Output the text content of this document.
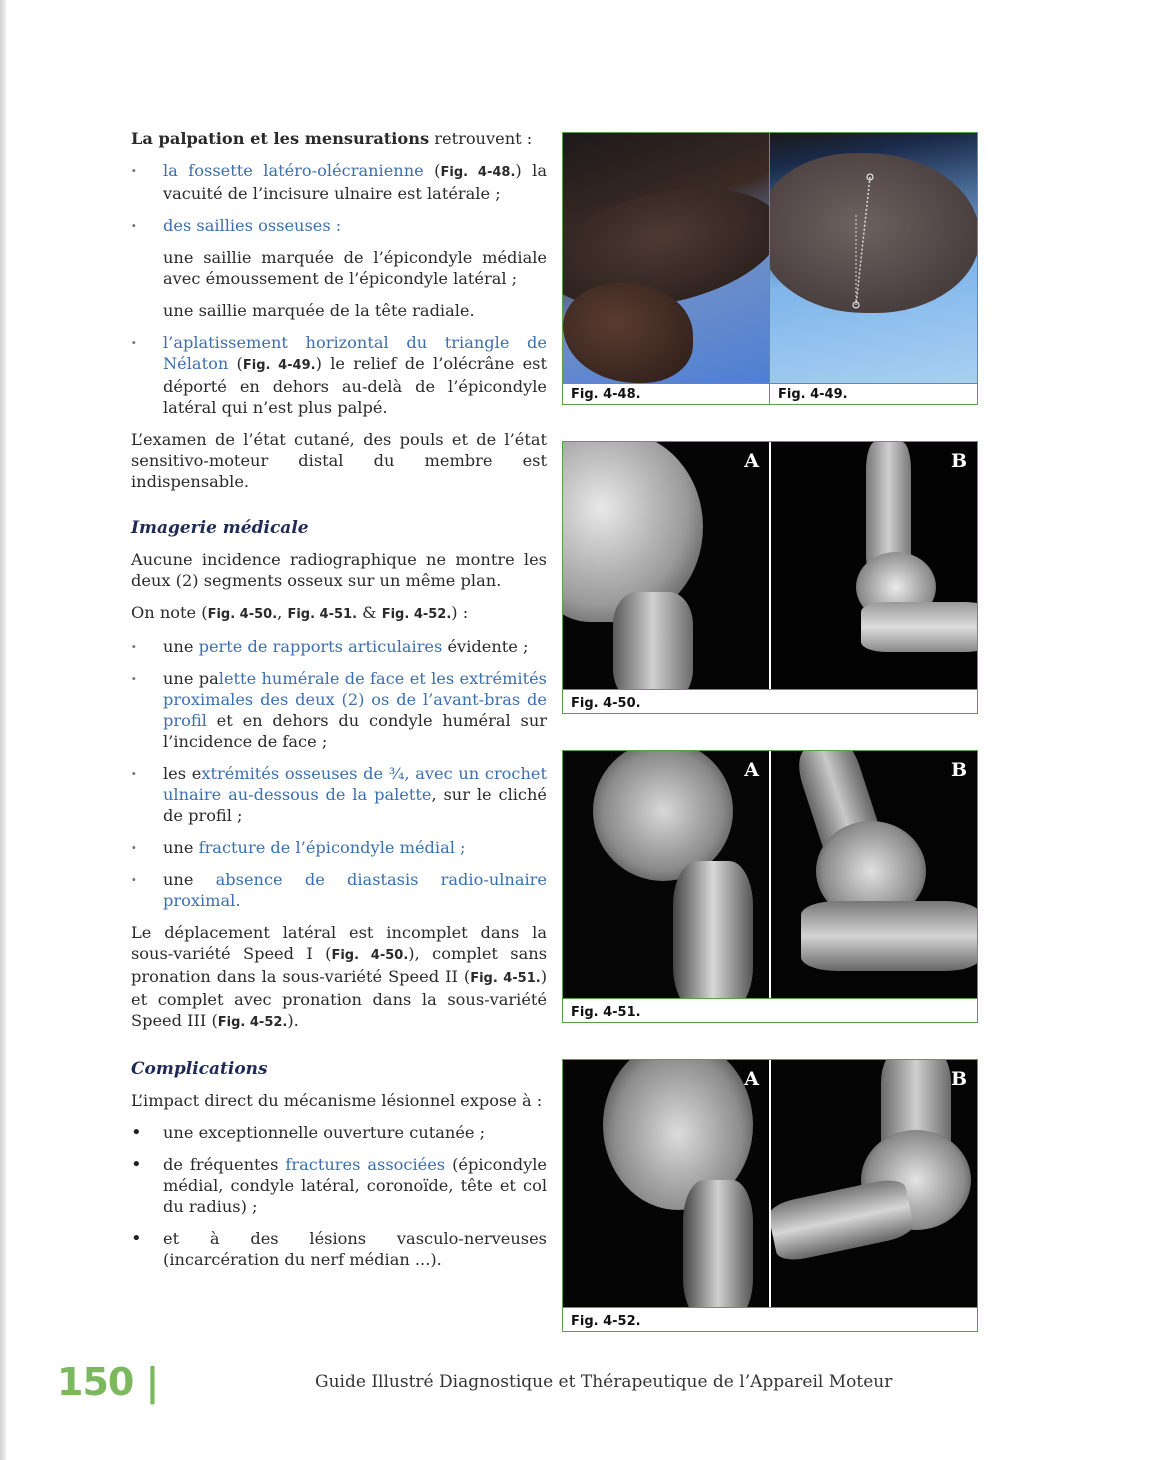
La palpation et les mensurations retrouvent :

· la fossette latéro-olécranienne (Fig. 4-48.) la vacuité de l’incisure ulnaire est latérale ;
· des saillies osseuses :

une saillie marquée de l’épicondyle médiale avec émoussement de l’épicondyle latéral ;

une saillie marquée de la tête radiale.

· l’aplatissement horizontal du triangle de Nélaton (Fig. 4-49.) le relief de l’olécrâne est déporté en dehors au-delà de l’épicondyle latéral qui n’est plus palpé.

L’examen de l’état cutané, des pouls et de l’état sensitivo-moteur distal du membre est indispensable.

Imagerie médicale

Aucune incidence radiographique ne montre les deux (2) segments osseux sur un même plan.

On note (Fig. 4-50., Fig. 4-51. & Fig. 4-52.) :

· une perte de rapports articulaires évidente ;
· une palette humérale de face et les extrémités proximales des deux (2) os de l’avant-bras de profil et en dehors du condyle huméral sur l’incidence de face ;
· les extrémités osseuses de ¾, avec un crochet ulnaire au-dessous de la palette, sur le cliché de profil ;
· une fracture de l’épicondyle médial ;
· une absence de diastasis radio-ulnaire proximal.

Le déplacement latéral est incomplet dans la sous-variété Speed I (Fig. 4-50.), complet sans pronation dans la sous-variété Speed II (Fig. 4-51.) et complet avec pronation dans la sous-variété Speed III (Fig. 4-52.).

Complications

L’impact direct du mécanisme lésionnel expose à :

• une exceptionnelle ouverture cutanée ;
• de fréquentes fractures associées (épicondyle médial, condyle latéral, coronoïde, tête et col du radius) ;
• et à des lésions vasculo-nerveuses (incarcération du nerf médian ...).
Fig. 4-48.	Fig. 4-49.
A	B
Fig. 4-50.
A	B
Fig. 4-51.
A	B
Fig. 4-52.
150 |	Guide Illustré Diagnostique et Thérapeutique de l’Appareil Moteur
